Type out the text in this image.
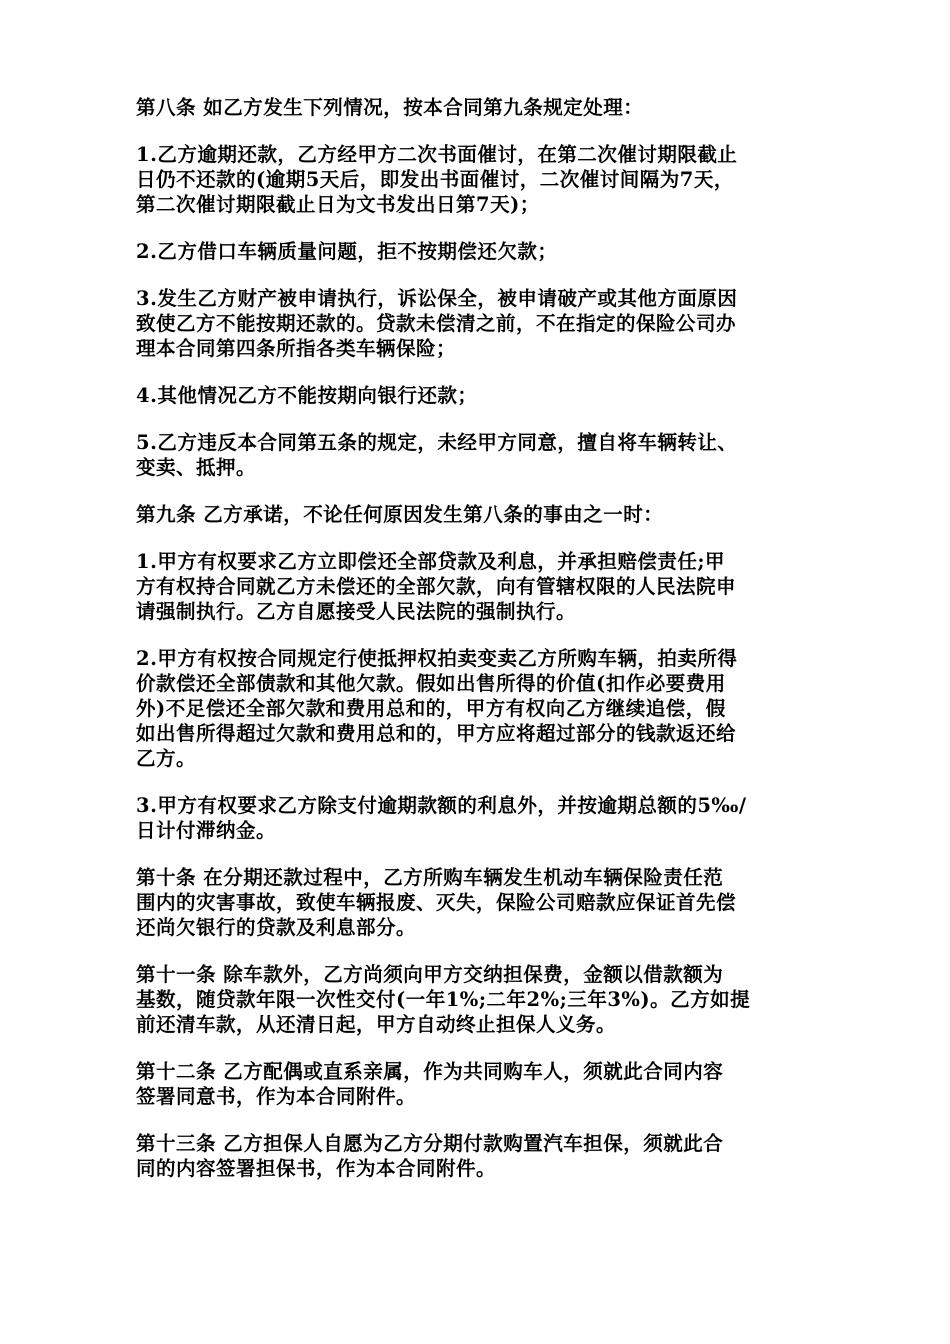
第八条 如乙方发生下列情况，按本合同第九条规定处理：

1.乙方逾期还款，乙方经甲方二次书面催讨，在第二次催讨期限截止
日仍不还款的(逾期5天后，即发出书面催讨，二次催讨间隔为7天，
第二次催讨期限截止日为文书发出日第7天)；

2.乙方借口车辆质量问题，拒不按期偿还欠款；

3.发生乙方财产被申请执行，诉讼保全，被申请破产或其他方面原因
致使乙方不能按期还款的。贷款未偿清之前，不在指定的保险公司办
理本合同第四条所指各类车辆保险；

4.其他情况乙方不能按期向银行还款；

5.乙方违反本合同第五条的规定，未经甲方同意，擅自将车辆转让、
变卖、抵押。

第九条 乙方承诺，不论任何原因发生第八条的事由之一时：

1.甲方有权要求乙方立即偿还全部贷款及利息，并承担赔偿责任;甲
方有权持合同就乙方未偿还的全部欠款，向有管辖权限的人民法院申
请强制执行。乙方自愿接受人民法院的强制执行。

2.甲方有权按合同规定行使抵押权拍卖变卖乙方所购车辆，拍卖所得
价款偿还全部债款和其他欠款。假如出售所得的价值(扣作必要费用
外)不足偿还全部欠款和费用总和的，甲方有权向乙方继续追偿，假
如出售所得超过欠款和费用总和的，甲方应将超过部分的钱款返还给
乙方。

3.甲方有权要求乙方除支付逾期款额的利息外，并按逾期总额的5‰/
日计付滞纳金。

第十条 在分期还款过程中，乙方所购车辆发生机动车辆保险责任范
围内的灾害事故，致使车辆报废、灭失，保险公司赔款应保证首先偿
还尚欠银行的贷款及利息部分。

第十一条 除车款外，乙方尚须向甲方交纳担保费，金额以借款额为
基数，随贷款年限一次性交付(一年1%;二年2%;三年3%)。乙方如提
前还清车款，从还清日起，甲方自动终止担保人义务。

第十二条 乙方配偶或直系亲属，作为共同购车人，须就此合同内容
签署同意书，作为本合同附件。

第十三条 乙方担保人自愿为乙方分期付款购置汽车担保，须就此合
同的内容签署担保书，作为本合同附件。
